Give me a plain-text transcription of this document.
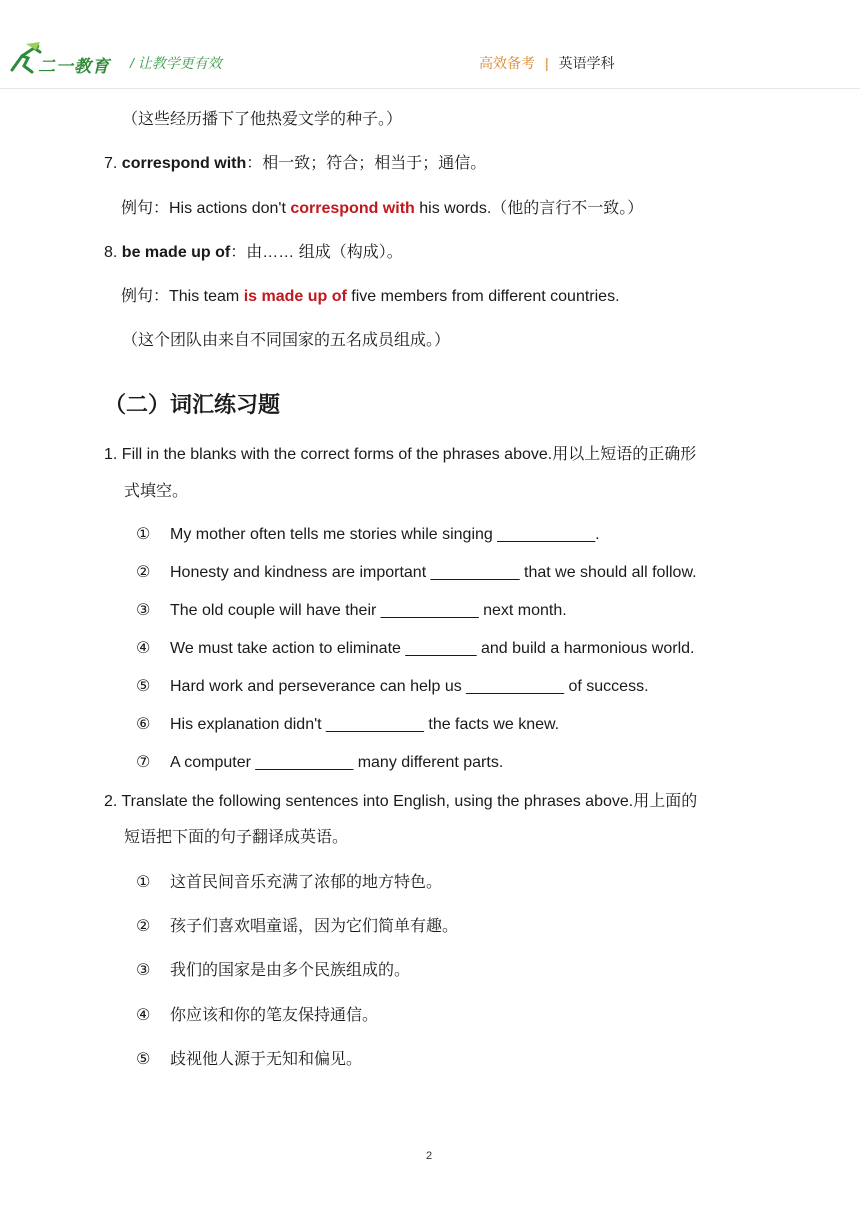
二一教育 / 让教学更有效	高效备考 | 英语学科
（这些经历播下了他热爱文学的种子。）
7. correspond with：相一致；符合；相当于；通信。
例句：His actions don't correspond with his words.（他的言行不一致。）
8. be made up of：由…… 组成（构成）。
例句：This team is made up of five members from different countries.
（这个团队由来自不同国家的五名成员组成。）
（二）词汇练习题
1. Fill in the blanks with the correct forms of the phrases above.用以上短语的正确形
式填空。
① My mother often tells me stories while singing ___________.
② Honesty and kindness are important __________ that we should all follow.
③ The old couple will have their ___________ next month.
④ We must take action to eliminate ________ and build a harmonious world.
⑤ Hard work and perseverance can help us ___________ of success.
⑥ His explanation didn't ___________ the facts we knew.
⑦ A computer ___________ many different parts.
2. Translate the following sentences into English, using the phrases above.用上面的
短语把下面的句子翻译成英语。
① 这首民间音乐充满了浓郁的地方特色。
② 孩子们喜欢唱童谣，因为它们简单有趣。
③ 我们的国家是由多个民族组成的。
④ 你应该和你的笔友保持通信。
⑤ 歧视他人源于无知和偏见。
2
